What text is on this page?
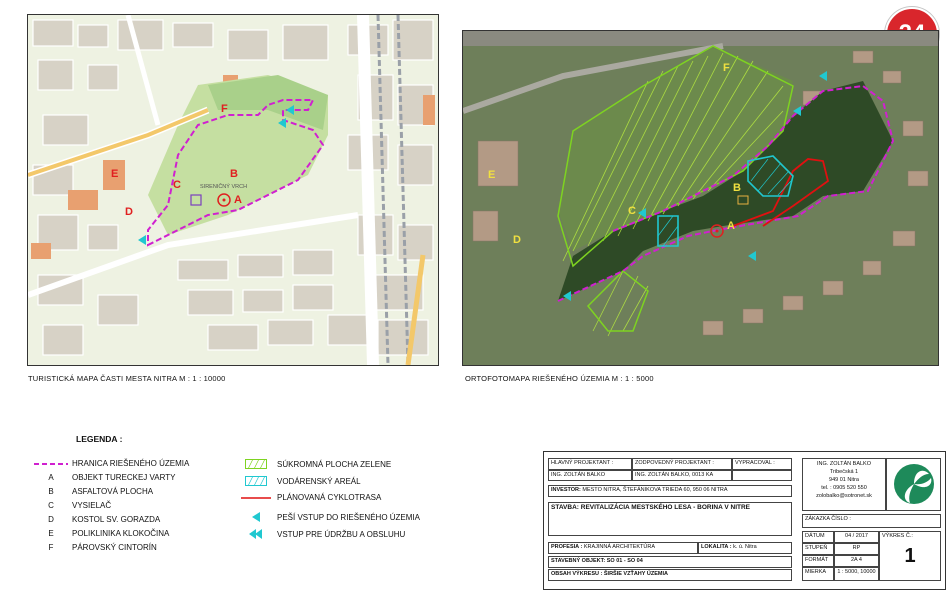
F
B
C
A
D
E
SIRENIČNÝ VRCH
TURISTICKÁ MAPA ČASTI MESTA NITRA M : 1 : 10000
F
B
C
A
D
E
ORTOFOTOMAPA RIEŠENÉHO ÚZEMIA M : 1 : 5000
LEGENDA :
HRANICA RIEŠENÉHO ÚZEMIA
A	OBJEKT TURECKEJ VARTY
B	ASFALTOVÁ PLOCHA
C	VYSIELAČ
D	KOSTOL SV. GORAZDA
E	POLIKLINIKA KLOKOČINA
F	PÁROVSKÝ CINTORÍN
SÚKROMNÁ PLOCHA ZELENE
VODÁRENSKÝ AREÁL
PLÁNOVANÁ CYKLOTRASA
PEŠÍ VSTUP DO RIEŠENÉHO ÚZEMIA
VSTUP PRE ÚDRŽBU A OBSLUHU
HLAVNÝ PROJEKTANT :	ZODPOVEDNÝ PROJEKTANT :	VYPRACOVAL :
ING. ZOLTÁN BALKO	ING. ZOLTÁN BALKO, 0013 KA
INVESTOR: MESTO NITRA, ŠTEFÁNIKOVA TRIEDA 60, 950 06 NITRA
STAVBA: REVITALIZÁCIA MESTSKÉHO LESA - BORINA V NITRE
PROFESIA : KRAJINNÁ ARCHITEKTÚRA	LOKALITA : k. ú. Nitra
STAVEBNÝ OBJEKT: SO 01 - SO 04
OBSAH VÝKRESU : ŠIRŠIE VZŤAHY ÚZEMIA
ING. ZOLTÁN BALKO
Tribečská 1
949 01 Nitra
tel. : 0905 520 550
zolobalko@sotronet.sk
ZÁKAZKA ČÍSLO :
DÁTUM	04 / 2017
STUPEŇ	RP
FORMÁT	2A 4
MIERKA	1 : 5000, 10000
VÝKRES Č.:
1
